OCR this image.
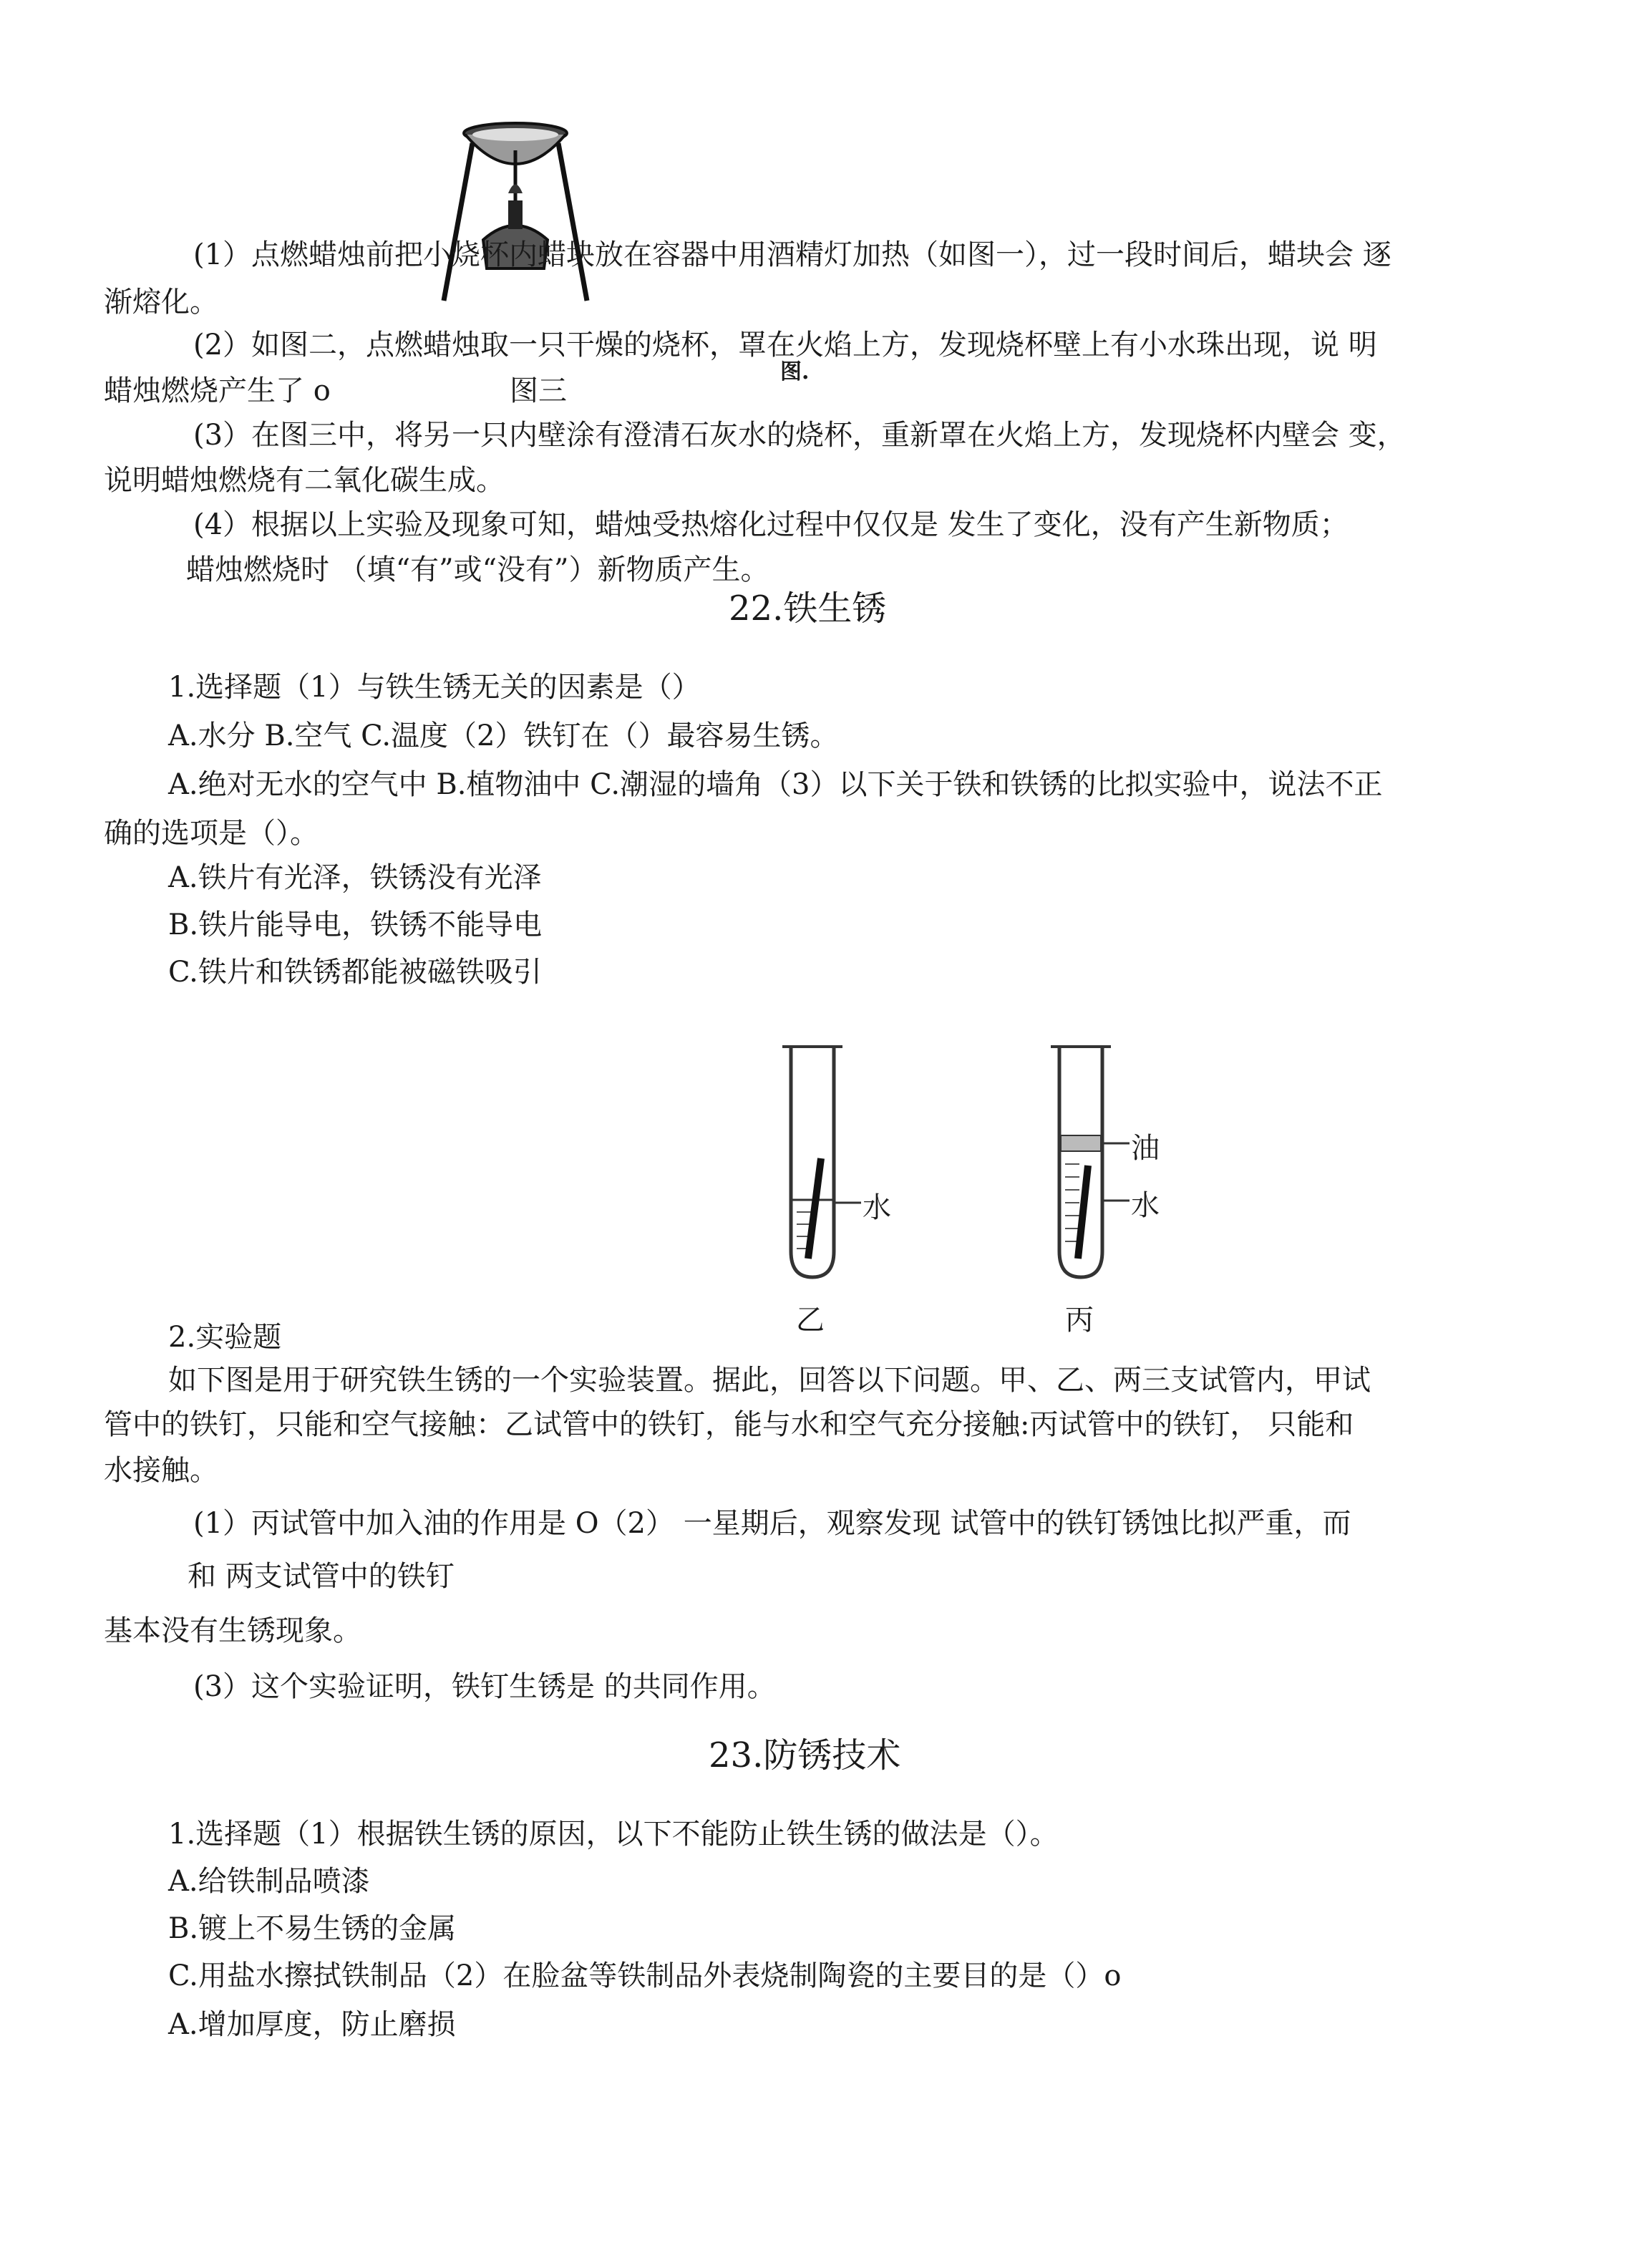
(1）点燃蜡烛前把小烧杯内蜡块放在容器中用酒精灯加热（如图一），过一段时间后，蜡块会 逐
渐熔化。
(2）如图二，点燃蜡烛取一只干燥的烧杯，罩在火焰上方，发现烧杯壁上有小水珠出现，说 明
图.
蜡烛燃烧产生了 o	图三
(3）在图三中，将另一只内壁涂有澄清石灰水的烧杯，重新罩在火焰上方，发现烧杯内壁会 变，
说明蜡烛燃烧有二氧化碳生成。
(4）根据以上实验及现象可知，蜡烛受热熔化过程中仅仅是 发生了变化，没有产生新物质；
蜡烛燃烧时 （填“有”或“没有”）新物质产生。
22.铁生锈
1.选择题（1）与铁生锈无关的因素是（）
A.水分 B.空气 C.温度（2）铁钉在（）最容易生锈。
A.绝对无水的空气中 B.植物油中 C.潮湿的墙角（3）以下关于铁和铁锈的比拟实验中，说法不正
确的选项是（）。
A.铁片有光泽，铁锈没有光泽
B.铁片能导电，铁锈不能导电
C.铁片和铁锈都能被磁铁吸引
水
乙
油
水
丙
2.实验题
如下图是用于研究铁生锈的一个实验装置。据此，回答以下问题。甲、乙、两三支试管内，甲试
管中的铁钉，只能和空气接触：乙试管中的铁钉，能与水和空气充分接触:丙试管中的铁钉， 只能和
水接触。
(1）丙试管中加入油的作用是 O（2） 一星期后，观察发现 试管中的铁钉锈蚀比拟严重，而
和 两支试管中的铁钉
基本没有生锈现象。
(3）这个实验证明，铁钉生锈是 的共同作用。
23.防锈技术
1.选择题（1）根据铁生锈的原因，以下不能防止铁生锈的做法是（）。
A.给铁制品喷漆
B.镀上不易生锈的金属
C.用盐水擦拭铁制品（2）在脸盆等铁制品外表烧制陶瓷的主要目的是（）o
A.增加厚度，防止磨损
